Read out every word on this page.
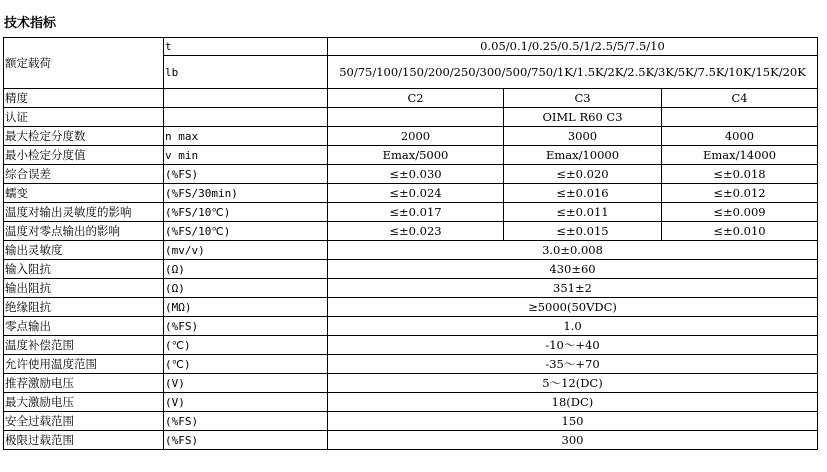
技术指标
额定载荷	t	0.05/0.1/0.25/0.5/1/2.5/5/7.5/10		
	lb	50/75/100/150/200/250/300/500/750/1K/1.5K/2K/2.5K/3K/5K/7.5K/10K/15K/20K		
精度		C2	C3	C4
认证			OIML R60 C3	
最大检定分度数	n max	2000	3000	4000
最小检定分度值	v min	Emax/5000	Emax/10000	Emax/14000
综合误差	(%FS)	≤±0.030	≤±0.020	≤±0.018
蠕变	(%FS/30min)	≤±0.024	≤±0.016	≤±0.012
温度对输出灵敏度的影响	(%FS/10℃)	≤±0.017	≤±0.011	≤±0.009
温度对零点输出的影响	(%FS/10℃)	≤±0.023	≤±0.015	≤±0.010
输出灵敏度	(mv/v)	3.0±0.008		
输入阻抗	(Ω)	430±60		
输出阻抗	(Ω)	351±2		
绝缘阻抗	(MΩ)	≥5000(50VDC)		
零点输出	(%FS)	1.0		
温度补偿范围	(℃)	-10～+40		
允许使用温度范围	(℃)	-35～+70		
推荐激励电压	(V)	5～12(DC)		
最大激励电压	(V)	18(DC)		
安全过载范围	(%FS)	150		
极限过载范围	(%FS)	300		
